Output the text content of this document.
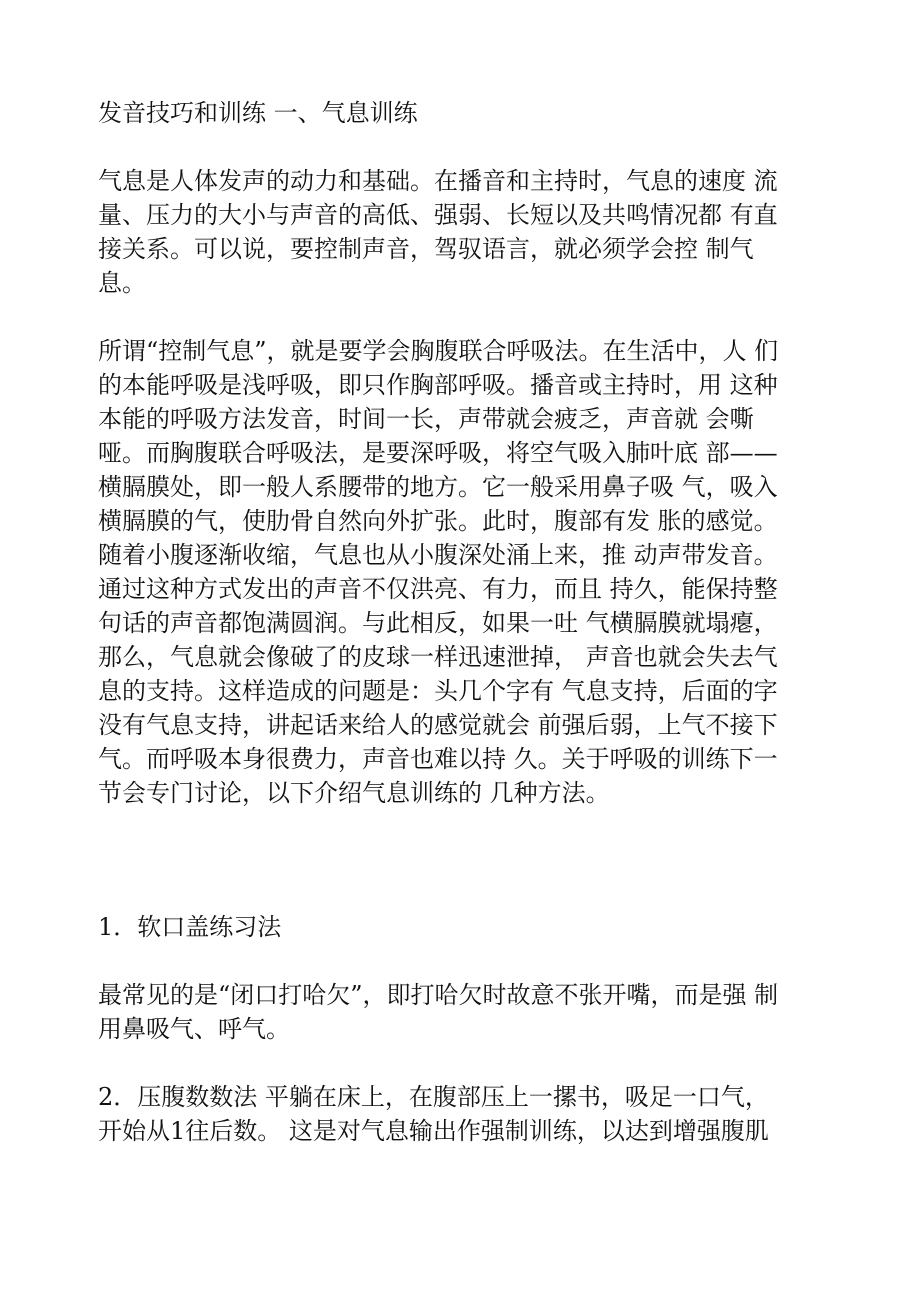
发音技巧和训练 一、气息训练

气息是人体发声的动力和基础。在播音和主持时，气息的速度 流
量、压力的大小与声音的高低、强弱、长短以及共鸣情况都 有直
接关系。可以说，要控制声音，驾驭语言，就必须学会控 制气
息。

所谓“控制气息”，就是要学会胸腹联合呼吸法。在生活中，人 们
的本能呼吸是浅呼吸，即只作胸部呼吸。播音或主持时，用 这种
本能的呼吸方法发音，时间一长，声带就会疲乏，声音就 会嘶
哑。而胸腹联合呼吸法，是要深呼吸，将空气吸入肺叶底 部——
横膈膜处，即一般人系腰带的地方。它一般采用鼻子吸 气，吸入
横膈膜的气，使肋骨自然向外扩张。此时，腹部有发 胀的感觉。
随着小腹逐渐收缩，气息也从小腹深处涌上来，推 动声带发音。
通过这种方式发出的声音不仅洪亮、有力，而且 持久，能保持整
句话的声音都饱满圆润。与此相反，如果一吐 气横膈膜就塌瘪，
那么，气息就会像破了的皮球一样迅速泄掉， 声音也就会失去气
息的支持。这样造成的问题是：头几个字有 气息支持，后面的字
没有气息支持，讲起话来给人的感觉就会 前强后弱，上气不接下
气。而呼吸本身很费力，声音也难以持 久。关于呼吸的训练下一
节会专门讨论，以下介绍气息训练的 几种方法。

1．软口盖练习法

最常见的是“闭口打哈欠”，即打哈欠时故意不张开嘴，而是强 制
用鼻吸气、呼气。

2．压腹数数法 平躺在床上，在腹部压上一摞书，吸足一口气，
开始从1往后数。 这是对气息输出作强制训练，以达到增强腹肌
